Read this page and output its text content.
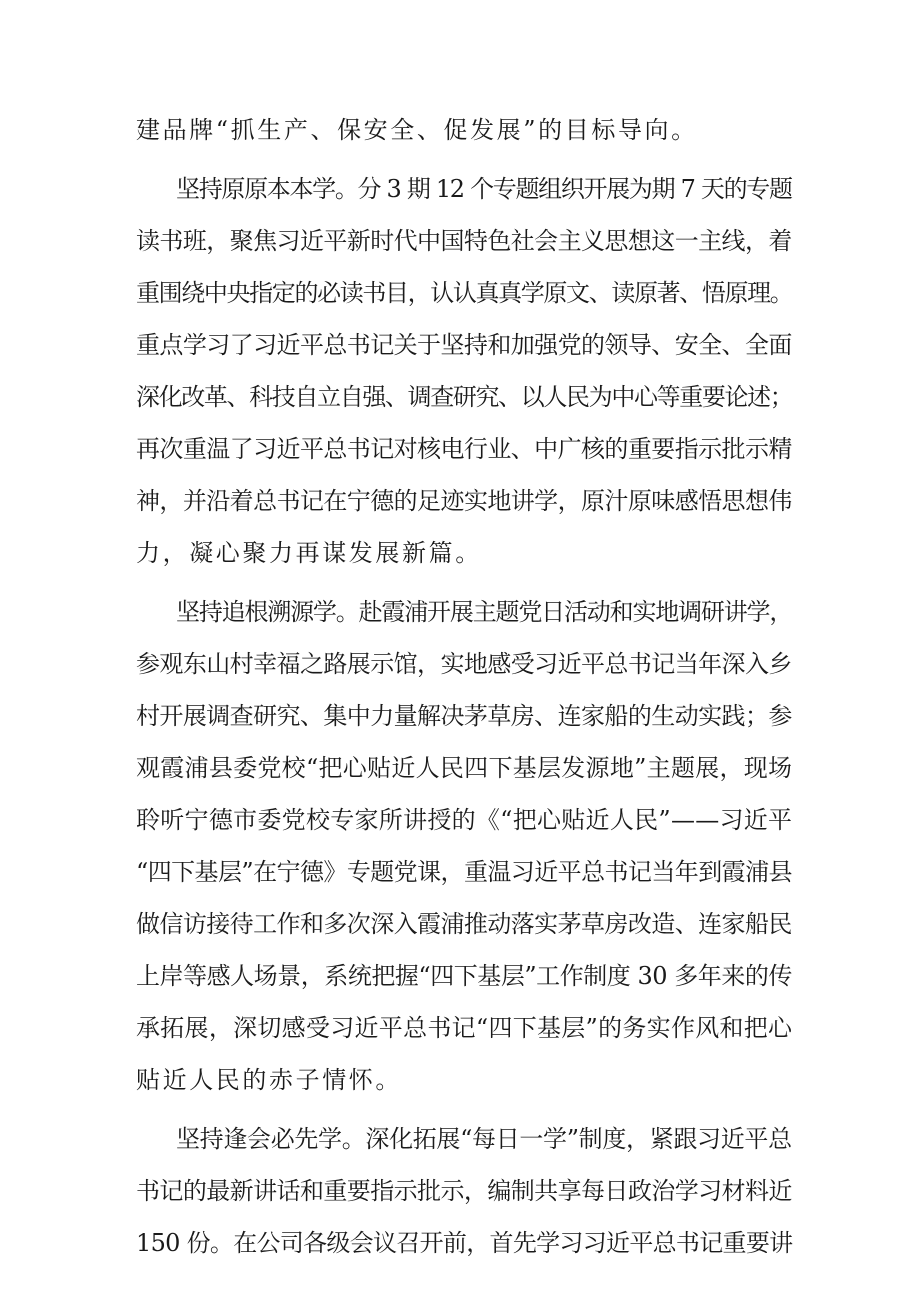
建品牌“抓生产、保安全、促发展”的目标导向。
坚持原原本本学。分 3 期 12 个专题组织开展为期 7 天的专题
读书班，聚焦习近平新时代中国特色社会主义思想这一主线，着
重围绕中央指定的必读书目，认认真真学原文、读原著、悟原理。
重点学习了习近平总书记关于坚持和加强党的领导、安全、全面
深化改革、科技自立自强、调查研究、以人民为中心等重要论述；
再次重温了习近平总书记对核电行业、中广核的重要指示批示精
神，并沿着总书记在宁德的足迹实地讲学，原汁原味感悟思想伟
力，凝心聚力再谋发展新篇。
坚持追根溯源学。赴霞浦开展主题党日活动和实地调研讲学，
参观东山村幸福之路展示馆，实地感受习近平总书记当年深入乡
村开展调查研究、集中力量解决茅草房、连家船的生动实践；参
观霞浦县委党校“把心贴近人民四下基层发源地”主题展，现场
聆听宁德市委党校专家所讲授的《“把心贴近人民”——习近平
“四下基层”在宁德》专题党课，重温习近平总书记当年到霞浦县
做信访接待工作和多次深入霞浦推动落实茅草房改造、连家船民
上岸等感人场景，系统把握“四下基层”工作制度 30 多年来的传
承拓展，深切感受习近平总书记“四下基层”的务实作风和把心
贴近人民的赤子情怀。
坚持逢会必先学。深化拓展“每日一学”制度，紧跟习近平总
书记的最新讲话和重要指示批示，编制共享每日政治学习材料近
150 份。在公司各级会议召开前，首先学习习近平总书记重要讲
